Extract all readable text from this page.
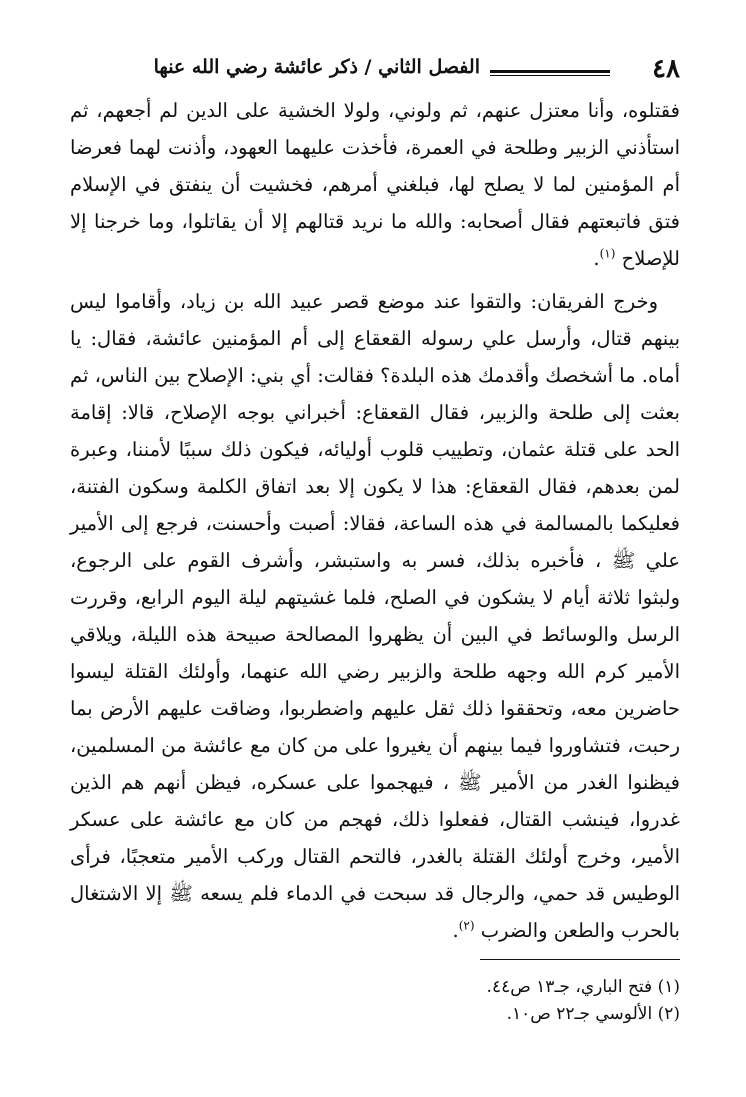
٤٨
الفصل الثاني / ذكر عائشة رضي الله عنها

فقتلوه، وأنا معتزل عنهم، ثم ولوني، ولولا الخشية على الدين لم أجعهم، ثم استأذني الزبير وطلحة في العمرة، فأخذت عليهما العهود، وأذنت لهما فعرضا أم المؤمنين لما لا يصلح لها، فبلغني أمرهم، فخشيت أن ينفتق في الإسلام فتق فاتبعتهم فقال أصحابه: والله ما نريد قتالهم إلا أن يقاتلوا، وما خرجنا إلا للإصلاح $^{(١)}$.

وخرج الفريقان: والتقوا عند موضع قصر عبيد الله بن زياد، وأقاموا ليس بينهم قتال، وأرسل علي رسوله القعقاع إلى أم المؤمنين عائشة، فقال: يا أماه. ما أشخصك وأقدمك هذه البلدة؟ فقالت: أي بني: الإصلاح بين الناس، ثم بعثت إلى طلحة والزبير، فقال القعقاع: أخبراني بوجه الإصلاح، قالا: إقامة الحد على قتلة عثمان، وتطييب قلوب أوليائه، فيكون ذلك سببًا لأمننا، وعبرة لمن بعدهم، فقال القعقاع: هذا لا يكون إلا بعد اتفاق الكلمة وسكون الفتنة، فعليكما بالمسالمة في هذه الساعة، فقالا: أصبت وأحسنت، فرجع إلى الأمير علي ﷺ ، فأخبره بذلك، فسر به واستبشر، وأشرف القوم على الرجوع، ولبثوا ثلاثة أيام لا يشكون في الصلح، فلما غشيتهم ليلة اليوم الرابع، وقررت الرسل والوسائط في البين أن يظهروا المصالحة صبيحة هذه الليلة، ويلاقي الأمير كرم الله وجهه طلحة والزبير رضي الله عنهما، وأولئك القتلة ليسوا حاضرين معه، وتحققوا ذلك ثقل عليهم واضطربوا، وضاقت عليهم الأرض بما رحبت، فتشاوروا فيما بينهم أن يغيروا على من كان مع عائشة من المسلمين، فيظنوا الغدر من الأمير ﷺ ، فيهجموا على عسكره، فيظن أنهم هم الذين غدروا، فينشب القتال، ففعلوا ذلك، فهجم من كان مع عائشة على عسكر الأمير، وخرج أولئك القتلة بالغدر، فالتحم القتال وركب الأمير متعجبًا، فرأى الوطيس قد حمي، والرجال قد سبحت في الدماء فلم يسعه ﷺ إلا الاشتغال بالحرب والطعن والضرب $^{(٢)}$.

(١) فتح الباري، جـ١٣ ص٤٤.
(٢) الألوسي جـ٢٢ ص١٠.
